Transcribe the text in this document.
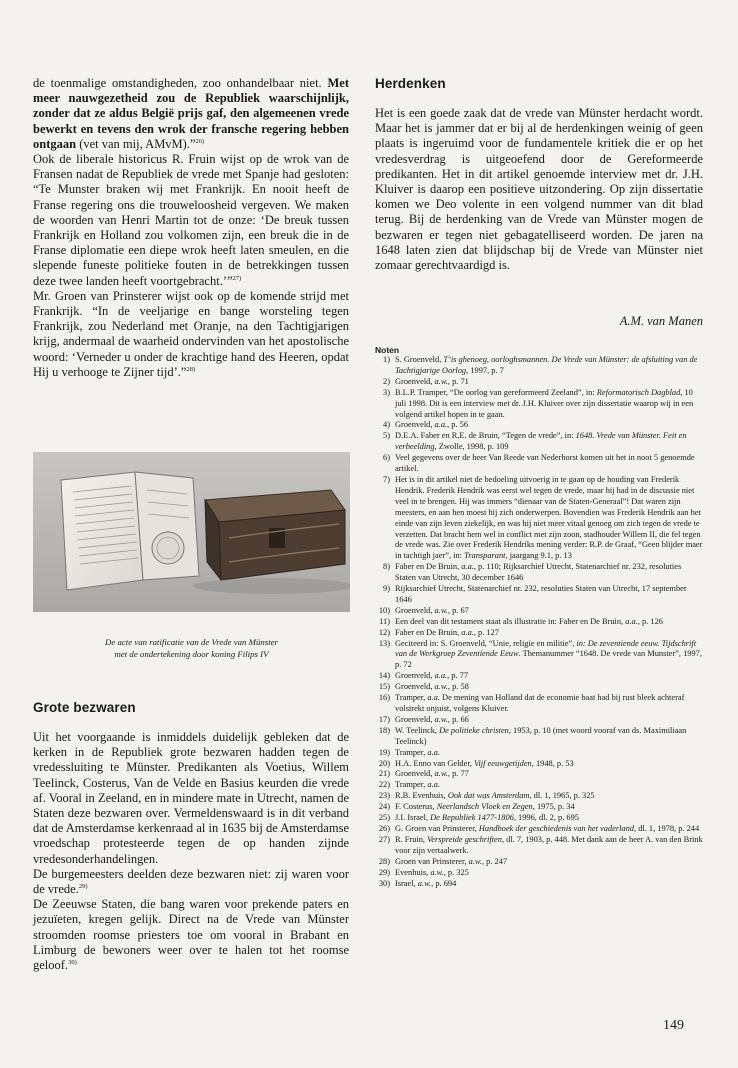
de toenmalige omstandigheden, zoo onhandelbaar niet. Met meer nauwgezetheid zou de Republiek waarschijnlijk, zonder dat ze aldus België prijs gaf, den algemeenen vrede bewerkt en tevens den wrok der fransche regering hebben ontgaan (vet van mij, AMvM).”$^{26)}$

Ook de liberale historicus R. Fruin wijst op de wrok van de Fransen nadat de Republiek de vrede met Spanje had gesloten: “Te Munster braken wij met Frankrijk. En nooit heeft de Franse regering ons die trouweloosheid vergeven. We maken de woorden van Henri Martin tot de onze: ‘De breuk tussen Frankrijk en Holland zou volkomen zijn, een breuk die in de Franse diplomatie een diepe wrok heeft laten smeulen, en die slepende funeste politieke fouten in de betrekkingen tussen deze twee landen heeft voortgebracht.’”$^{27)}$

Mr. Groen van Prinsterer wijst ook op de komende strijd met Frankrijk. “In de veeljarige en bange worsteling tegen Frankrijk, zou Nederland met Oranje, na den Tachtigjarigen krijg, andermaal de waarheid ondervinden van het apostolische woord: ‘Verneder u onder de krachtige hand des Heeren, opdat Hij u verhooge te Zijner tijd’.”$^{28)}$

De acte van ratificatie van de Vrede van Münster
met de ondertekening door koning Filips IV
Grote bezwaren

Uit het voorgaande is inmiddels duidelijk gebleken dat de kerken in de Republiek grote bezwaren hadden tegen de vredessluiting te Münster. Predikanten als Voetius, Willem Teelinck, Costerus, Van de Velde en Basius keurden die vrede af. Vooral in Zeeland, en in mindere mate in Utrecht, namen de Staten deze bezwaren over. Vermeldenswaard is in dit verband dat de Amsterdamse kerkenraad al in 1635 bij de Amsterdamse vroedschap protesteerde tegen de op handen zijnde vredesonderhandelingen.

De burgemeesters deelden deze bezwaren niet: zij waren voor de vrede.$^{29)}$

De Zeeuwse Staten, die bang waren voor prekende paters en jezuïeten, kregen gelijk. Direct na de Vrede van Münster stroomden roomse priesters toe om vooral in Brabant en Limburg de bewoners weer over te halen tot het roomse geloof.$^{30)}$

Herdenken

Het is een goede zaak dat de vrede van Münster herdacht wordt. Maar het is jammer dat er bij al de herdenkingen weinig of geen plaats is ingeruimd voor de fundamentele kritiek die er op het vredesverdrag is uitgeoefend door de Gereformeerde predikanten. Het in dit artikel genoemde interview met dr. J.H. Kluiver is daarop een positieve uitzondering. Op zijn dissertatie komen we Deo volente in een volgend nummer van dit blad terug. Bij de herdenking van de Vrede van Münster mogen de bezwaren er tegen niet gebagatelliseerd worden. De jaren na 1648 laten zien dat blijdschap bij de Vrede van Münster niet zomaar gerechtvaardigd is.

A.M. van Manen
Noten
1) S. Groenveld, T’is ghenoeg, oorloghsmannen. De Vrede van Münster: de afsluiting van de Tachtigjarige Oorlog, 1997, p. 7
2) Groenveld, a.w., p. 71
3) B.L.P. Tramper, “De oorlog van gereformeerd Zeeland”, in: Reformatorisch Dagblad, 10 juli 1998. Dit is een interview met dr. J.H. Kluiver over zijn dissertatie waarop wij in een volgend artikel hopen in te gaan.
4) Groenveld, a.a., p. 56
5) D.E.A. Faber en R.E. de Bruin, “Tegen de vrede”, in: 1648. Vrede van Münster. Feit en verbeelding, Zwolle, 1998, p. 109
6) Veel gegevens over de heer Van Reede van Nederhorst komen uit het in noot 5 genoemde artikel.
7) Het is in dit artikel niet de bedoeling uitvoerig in te gaan op de houding van Frederik Hendrik. Frederik Hendrik was eerst wel tegen de vrede, maar hij had in de discussie niet veel in te brengen. Hij was immers “dienaar van de Staten-Generaal”! Dat waren zijn meesters, en aan hen moest hij zich onderwerpen. Bovendien was Frederik Hendrik aan het einde van zijn leven ziekelijk, en was hij niet meer vitaal genoeg om zich tegen de vrede te verzetten. Dat bracht hem wel in conflict met zijn zoon, stadhouder Willem II, die fel tegen de vrede was. Zie over Frederik Hendriks mening verder: R.P. de Graaf, “Geen blijder maer in tachtigh jaer”, in: Transparant, jaargang 9.1, p. 13
8) Faber en De Bruin, a.a., p. 110; Rijksarchief Utrecht, Statenarchief nr. 232, resoluties Staten van Utrecht, 30 december 1646
9) Rijksarchief Utrecht, Statenarchief nr. 232, resoluties Staten van Utrecht, 17 september 1646
10) Groenveld, a.w., p. 67
11) Een deel van dit testament staat als illustratie in: Faber en De Bruin, a.a., p. 126
12) Faber en De Bruin, a.a., p. 127
13) Geciteerd in: S. Groenveld, “Unie, religie en militie”, in: De zeventiende eeuw. Tijdschrift van de Werkgroep Zeventiende Eeuw. Themanummer “1648. De vrede van Munster”, 1997, p. 72
14) Groenveld, a.a., p. 77
15) Groenveld, a.w., p. 58
16) Tramper, a.a. De mening van Holland dat de economie baat had bij rust bleek achteraf volstrekt onjuist, volgens Kluiver.
17) Groenveld, a.w., p. 66
18) W. Teelinck, De politieke christen, 1953, p. 10 (met woord vooraf van ds. Maximiliaan Teelinck)
19) Tramper, a.a.
20) H.A. Enno van Gelder, Vijf eeuwgetijden, 1948, p. 53
21) Groenveld, a.w., p. 77
22) Tramper, a.a.
23) R.B. Evenhuis, Ook dat was Amsterdam, dl. 1, 1965, p. 325
24) F. Costerus, Neerlandsch Vloek en Zegen, 1975, p. 34
25) J.I. Israel, De Republiek 1477-1806, 1996, dl. 2, p. 695
26) G. Groen van Prinsterer, Handboek der geschiedenis van het vaderland, dl. 1, 1978, p. 244
27) R. Fruin, Verspreide geschriften, dl. 7, 1903, p. 448. Met dank aan de heer A. van den Brink voor zijn vertaalwerk.
28) Groen van Prinsterer, a.w., p. 247
29) Evenhuis, a.w., p. 325
30) Israel, a.w., p. 694
149
